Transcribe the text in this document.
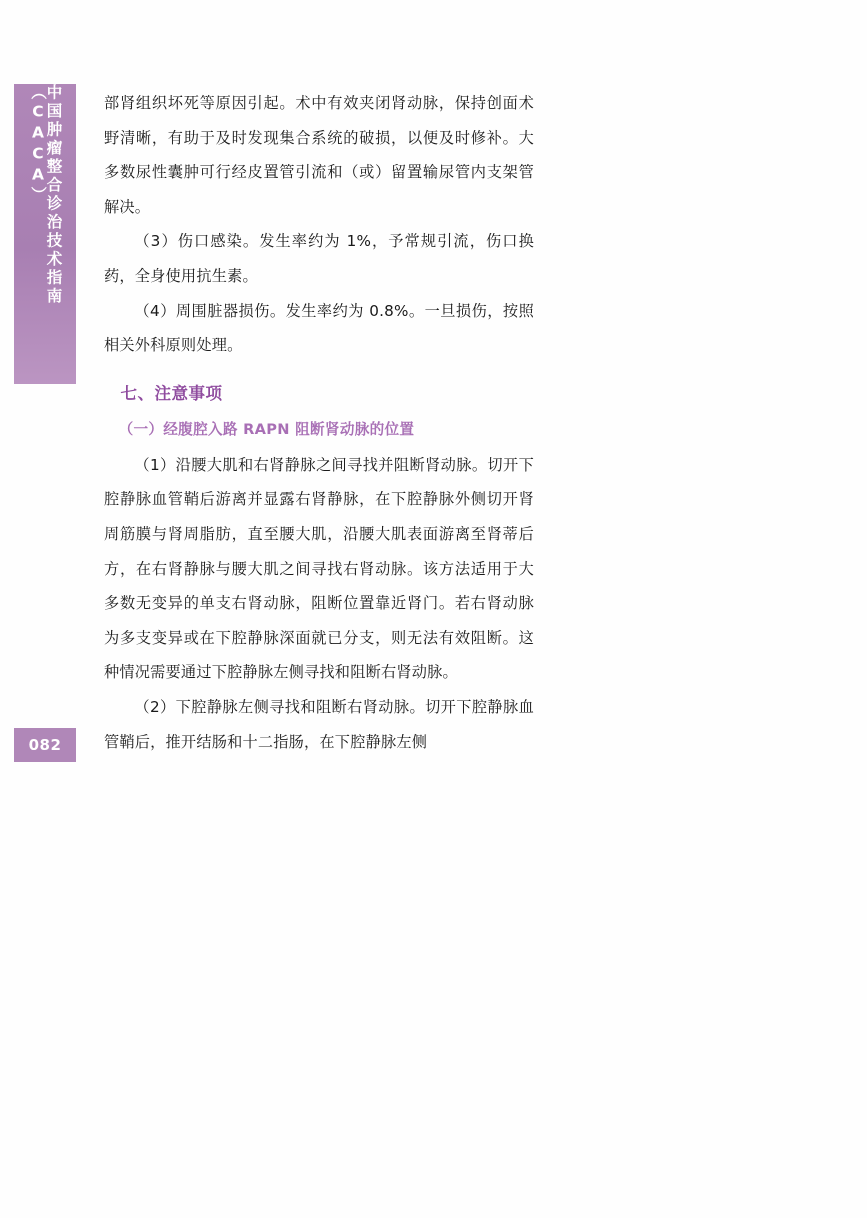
中国肿瘤整合诊治技术指南（CACA）
082

部肾组织坏死等原因引起。术中有效夹闭肾动脉，保持创面术野清晰，有助于及时发现集合系统的破损，以便及时修补。大多数尿性囊肿可行经皮置管引流和（或）留置输尿管内支架管解决。

（3）伤口感染。发生率约为 1%，予常规引流，伤口换药，全身使用抗生素。

（4）周围脏器损伤。发生率约为 0.8%。一旦损伤，按照相关外科原则处理。

七、注意事项
（一）经腹腔入路 RAPN 阻断肾动脉的位置

（1）沿腰大肌和右肾静脉之间寻找并阻断肾动脉。切开下腔静脉血管鞘后游离并显露右肾静脉，在下腔静脉外侧切开肾周筋膜与肾周脂肪，直至腰大肌，沿腰大肌表面游离至肾蒂后方，在右肾静脉与腰大肌之间寻找右肾动脉。该方法适用于大多数无变异的单支右肾动脉，阻断位置靠近肾门。若右肾动脉为多支变异或在下腔静脉深面就已分支，则无法有效阻断。这种情况需要通过下腔静脉左侧寻找和阻断右肾动脉。

（2）下腔静脉左侧寻找和阻断右肾动脉。切开下腔静脉血管鞘后，推开结肠和十二指肠，在下腔静脉左侧
